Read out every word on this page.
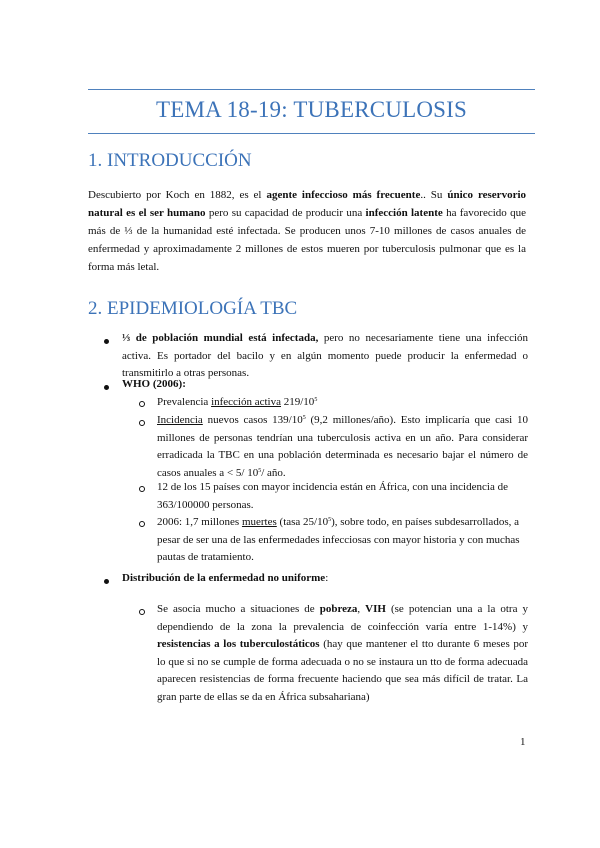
TEMA 18-19: TUBERCULOSIS
1. INTRODUCCIÓN
Descubierto por Koch en 1882, es el agente infeccioso más frecuente.. Su único reservorio natural es el ser humano pero su capacidad de producir una infección latente ha favorecido que más de ⅓ de la humanidad esté infectada. Se producen unos 7-10 millones de casos anuales de enfermedad y aproximadamente 2 millones de estos mueren por tuberculosis pulmonar que es la forma más letal.
2. EPIDEMIOLOGÍA TBC
⅓ de población mundial está infectada, pero no necesariamente tiene una infección activa. Es portador del bacilo y en algún momento puede producir la enfermedad o transmitirlo a otras personas.
WHO (2006):
Prevalencia infección activa $219/10^5$
Incidencia nuevos casos $139/10^5$ (9,2 millones/año). Esto implicaría que casi 10 millones de personas tendrían una tuberculosis activa en un año. Para considerar erradicada la TBC en una población determinada es necesario bajar el número de casos anuales a < 5/ $10^5/$ año.
12 de los 15 países con mayor incidencia están en África, con una incidencia de 363/100000 personas.
2006: 1,7 millones muertes (tasa $25/10^5$), sobre todo, en países subdesarrollados, a pesar de ser una de las enfermedades infecciosas con mayor historia y con muchas pautas de tratamiento.
Distribución de la enfermedad no uniforme:
Se asocia mucho a situaciones de pobreza, VIH (se potencian una a la otra y dependiendo de la zona la prevalencia de coinfección varía entre 1-14%) y resistencias a los tuberculostáticos (hay que mantener el tto durante 6 meses por lo que si no se cumple de forma adecuada o no se instaura un tto de forma adecuada aparecen resistencias de forma frecuente haciendo que sea más difícil de tratar. La gran parte de ellas se da en África subsahariana)
1
